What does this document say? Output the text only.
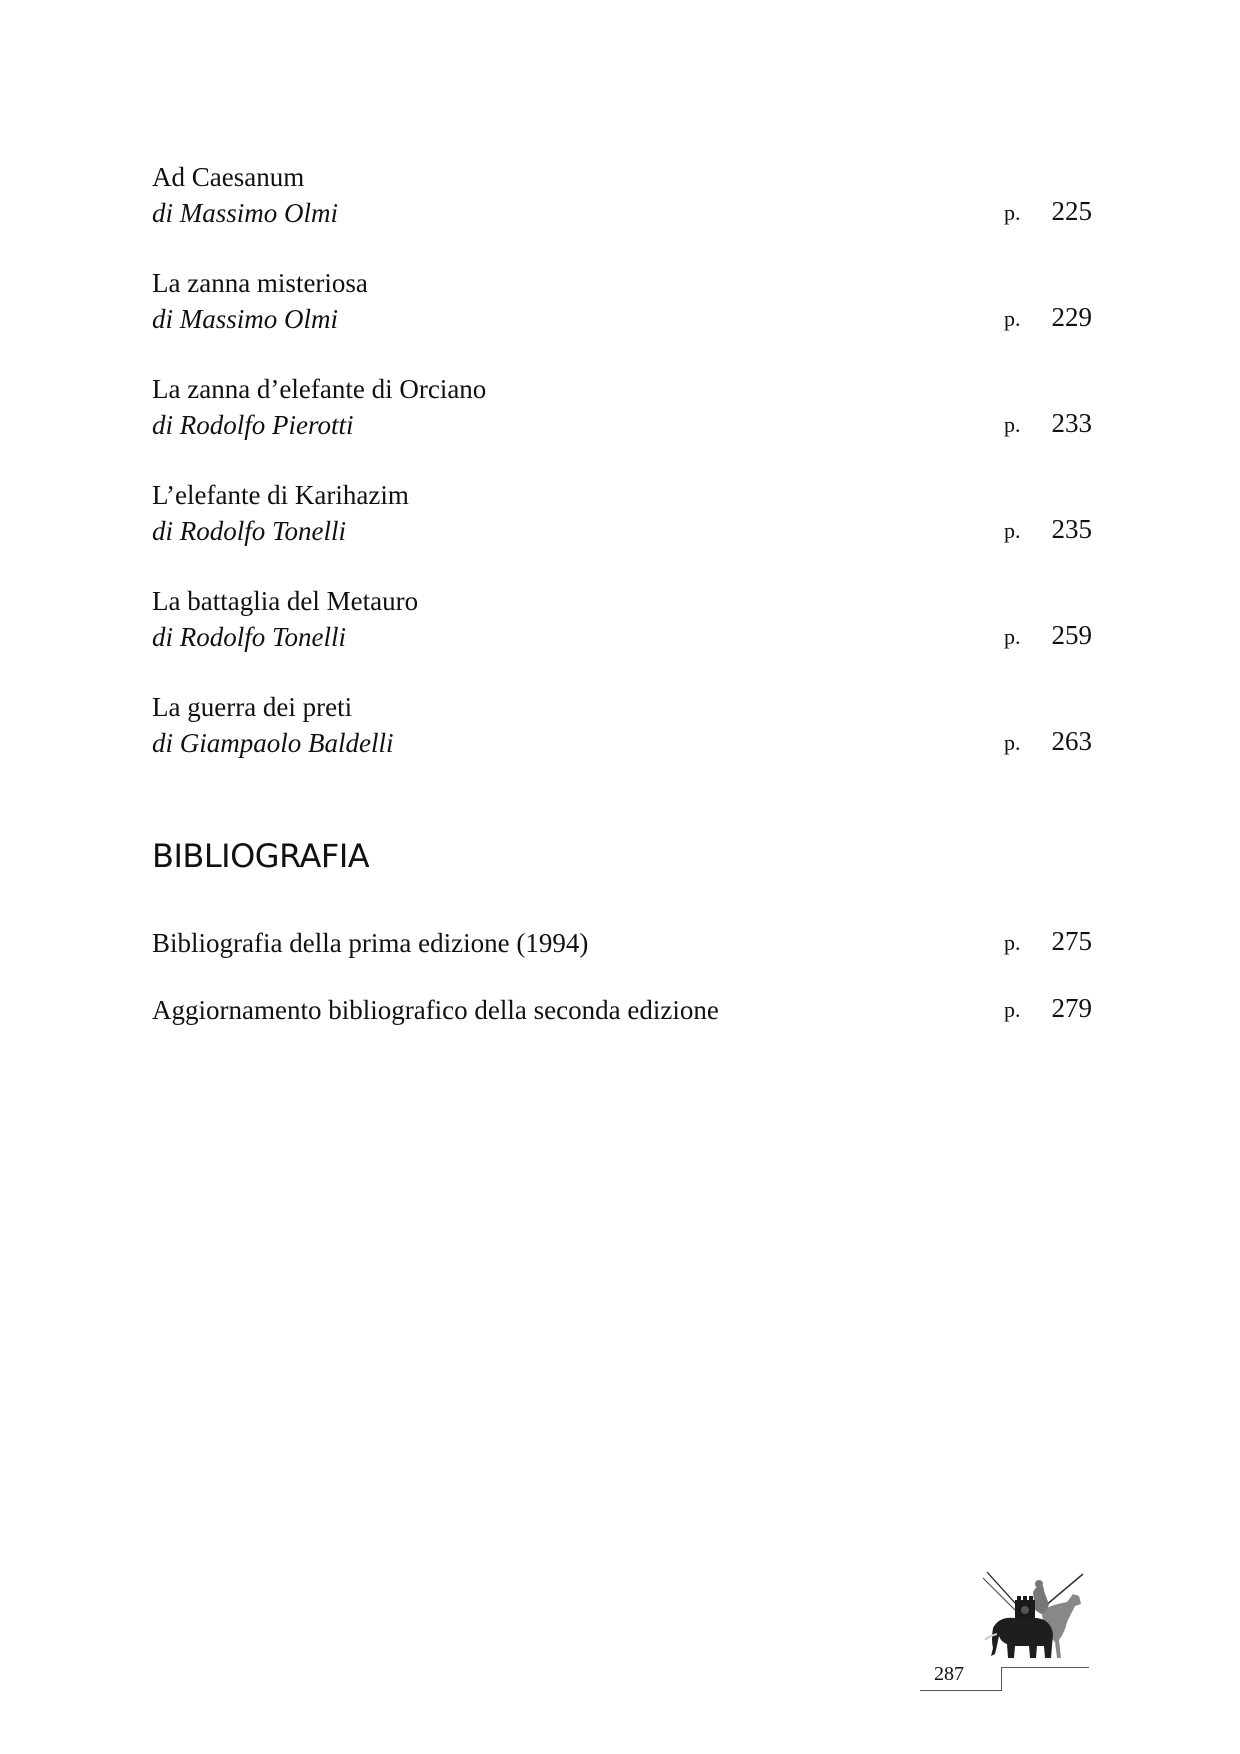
Ad Caesanum
di Massimo Olmi	p. 225
La zanna misteriosa
di Massimo Olmi	p. 229
La zanna d’elefante di Orciano
di Rodolfo Pierotti	p. 233
L’elefante di Karihazim
di Rodolfo Tonelli	p. 235
La battaglia del Metauro
di Rodolfo Tonelli	p. 259
La guerra dei preti
di Giampaolo Baldelli	p. 263
BIBLIOGRAFIA
Bibliografia della prima edizione (1994)	p. 275
Aggiornamento bibliografico della seconda edizione	p. 279
287
